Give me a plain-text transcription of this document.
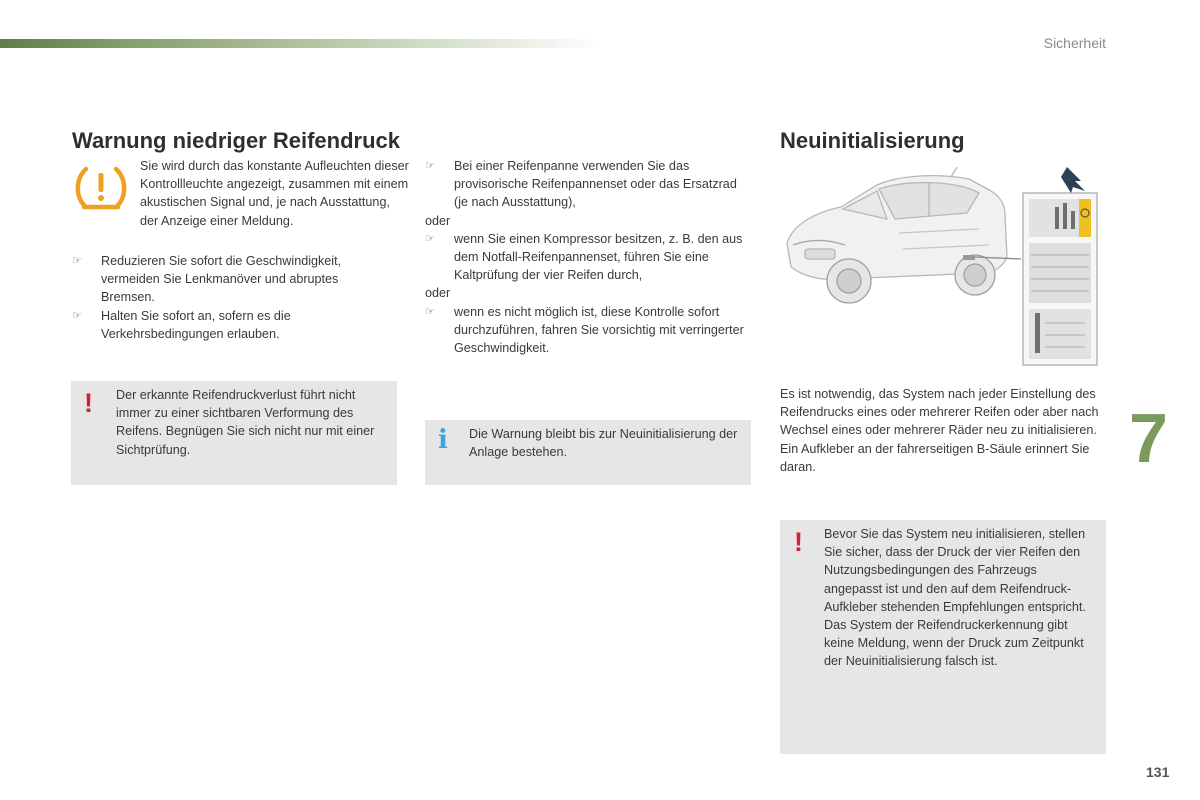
Sicherheit
7
131
Warnung niedriger Reifendruck
Sie wird durch das konstante Aufleuchten dieser Kontrollleuchte angezeigt, zusammen mit einem akustischen Signal und, je nach Ausstattung, der Anzeige einer Meldung.
☞ Reduzieren Sie sofort die Geschwindigkeit, vermeiden Sie Lenkmanöver und abruptes Bremsen.
☞ Halten Sie sofort an, sofern es die Verkehrsbedingungen erlauben.
! Der erkannte Reifendruckverlust führt nicht immer zu einer sichtbaren Verformung des Reifens. Begnügen Sie sich nicht nur mit einer Sichtprüfung.
☞ Bei einer Reifenpanne verwenden Sie das provisorische Reifenpannenset oder das Ersatzrad (je nach Ausstattung),
oder
☞ wenn Sie einen Kompressor besitzen, z. B. den aus dem Notfall-Reifenpannenset, führen Sie eine Kaltprüfung der vier Reifen durch,
oder
☞ wenn es nicht möglich ist, diese Kontrolle sofort durchzuführen, fahren Sie vorsichtig mit verringerter Geschwindigkeit.
i Die Warnung bleibt bis zur Neuinitialisierung der Anlage bestehen.
Neuinitialisierung
Es ist notwendig, das System nach jeder Einstellung des Reifendrucks eines oder mehrerer Reifen oder aber nach Wechsel eines oder mehrerer Räder neu zu initialisieren.
Ein Aufkleber an der fahrerseitigen B-Säule erinnert Sie daran.
! Bevor Sie das System neu initialisieren, stellen Sie sicher, dass der Druck der vier Reifen den Nutzungsbedingungen des Fahrzeugs angepasst ist und den auf dem Reifendruck-Aufkleber stehenden Empfehlungen entspricht.
Das System der Reifendruckerkennung gibt keine Meldung, wenn der Druck zum Zeitpunkt der Neuinitialisierung falsch ist.
